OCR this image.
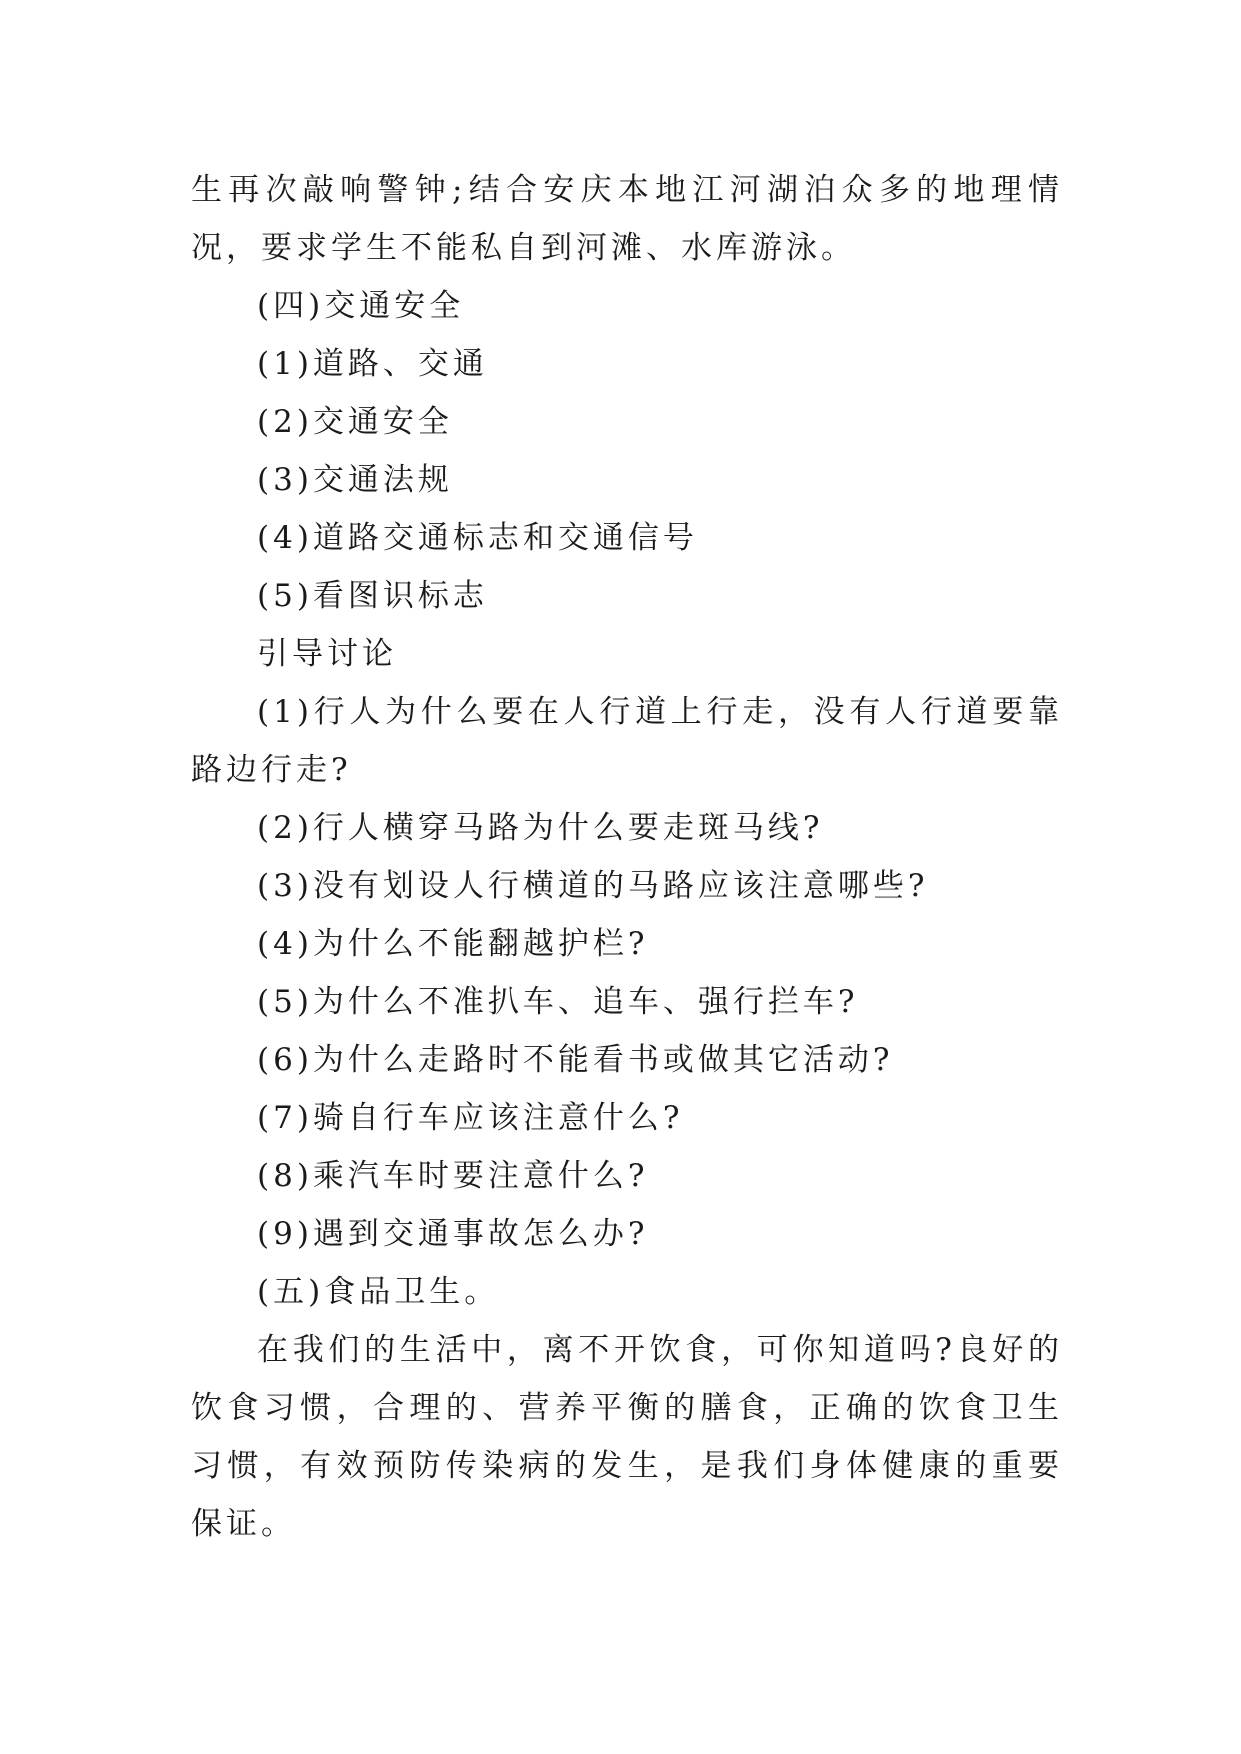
生再次敲响警钟;结合安庆本地江河湖泊众多的地理情况，要求学生不能私自到河滩、水库游泳。

(四)交通安全

(1)道路、交通

(2)交通安全

(3)交通法规

(4)道路交通标志和交通信号

(5)看图识标志

引导讨论

(1)行人为什么要在人行道上行走，没有人行道要靠路边行走?

(2)行人横穿马路为什么要走斑马线?

(3)没有划设人行横道的马路应该注意哪些?

(4)为什么不能翻越护栏?

(5)为什么不准扒车、追车、强行拦车?

(6)为什么走路时不能看书或做其它活动?

(7)骑自行车应该注意什么?

(8)乘汽车时要注意什么?

(9)遇到交通事故怎么办?

(五)食品卫生。

在我们的生活中，离不开饮食，可你知道吗?良好的饮食习惯，合理的、营养平衡的膳食，正确的饮食卫生习惯，有效预防传染病的发生，是我们身体健康的重要保证。
